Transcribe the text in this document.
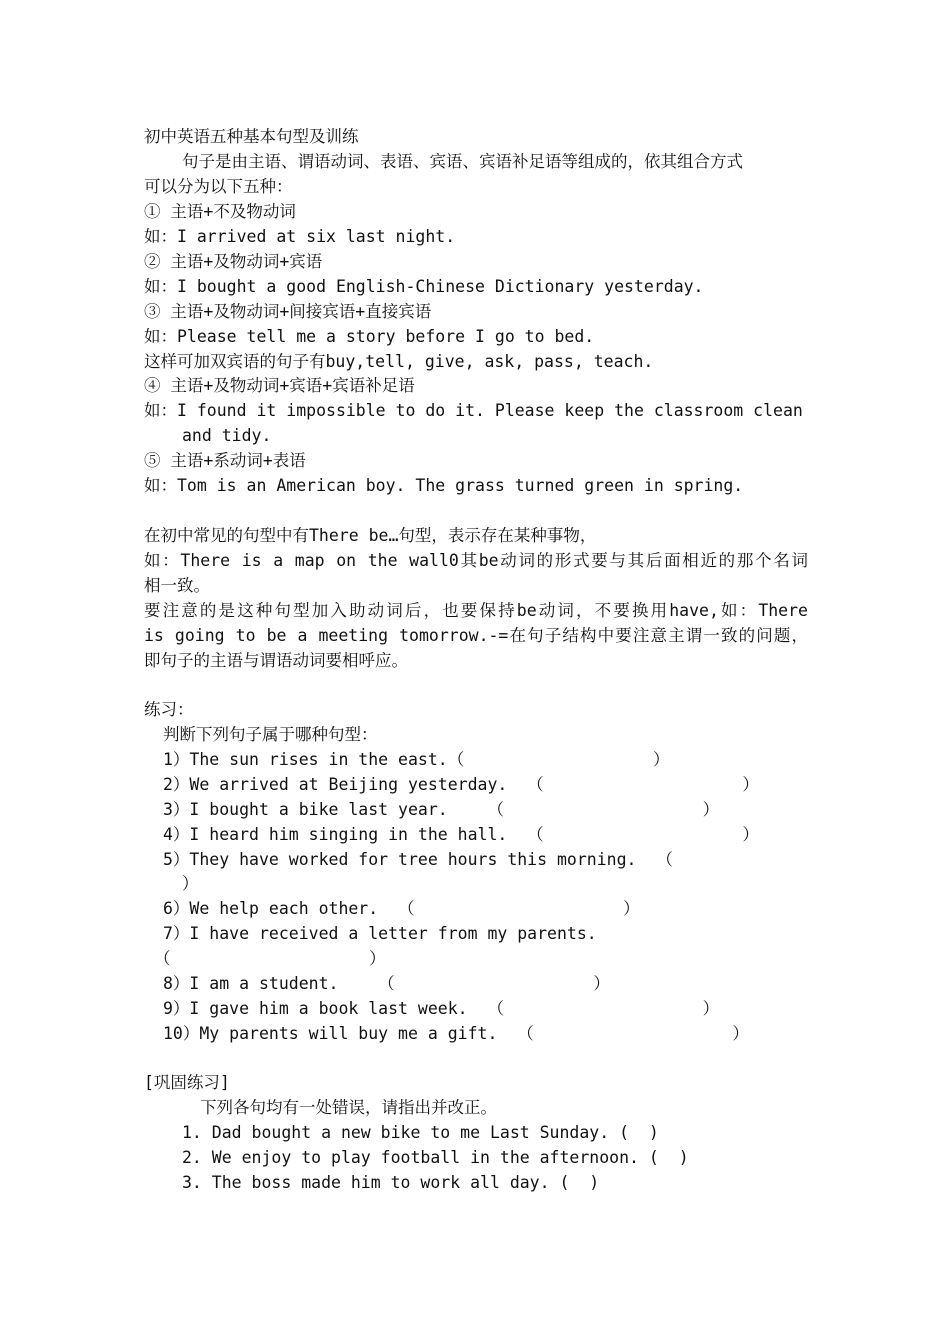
初中英语五种基本句型及训练
句子是由主语、谓语动词、表语、宾语、宾语补足语等组成的，依其组合方式
可以分为以下五种：
① 主语+不及物动词
如：I arrived at six last night.
② 主语+及物动词+宾语
如：I bought a good English-Chinese Dictionary yesterday.
③ 主语+及物动词+间接宾语+直接宾语
如：Please tell me a story before I go to bed.
这样可加双宾语的句子有buy,tell, give, ask, pass, teach.
④ 主语+及物动词+宾语+宾语补足语
如：I found it impossible to do it. Please keep the classroom clean
and tidy.
⑤ 主语+系动词+表语
如：Tom is an American boy. The grass turned green in spring.
在初中常见的句型中有There be…句型，表示存在某种事物，
如：There is a map on the wall0其be动词的形式要与其后面相近的那个名词
相一致。
要注意的是这种句型加入助动词后，也要保持be动词，不要换用have,如：There
is going to be a meeting tomorrow.-=在句子结构中要注意主谓一致的问题，
即句子的主语与谓语动词要相呼应。
练习：
判断下列句子属于哪种句型：
1）The sun rises in the east.（                   ）
2）We arrived at Beijing yesterday.  （                    ）
3）I bought a bike last year.    （                    ）
4）I heard him singing in the hall.  （                    ）
5）They have worked for tree hours this morning.  （
）
6）We help each other.  （                     ）
7）I have received a letter from my parents.
（                    ）
8）I am a student.    （                    ）
9）I gave him a book last week.  （                    ）
10）My parents will buy me a gift.  （                    ）
[巩固练习]
下列各句均有一处错误，请指出并改正。
1. Dad bought a new bike to me Last Sunday. (  )
2. We enjoy to play football in the afternoon. (  )
3. The boss made him to work all day. (  )
